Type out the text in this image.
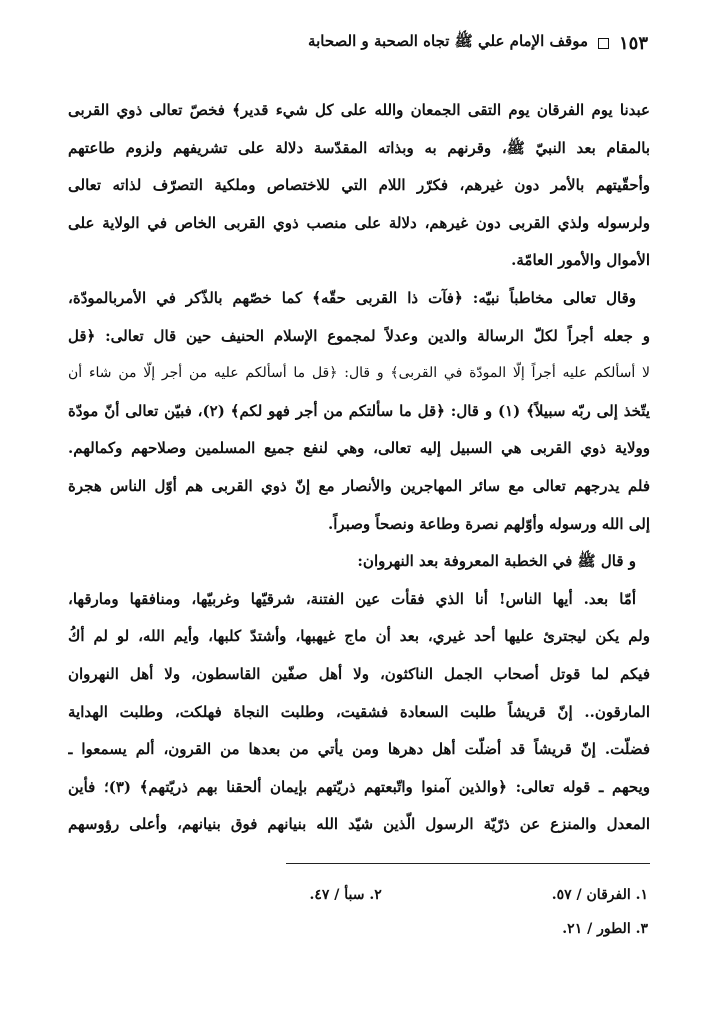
١٥٣
موقف الإمام علي ﷺ تجاه الصحبة و الصحابة
عبدنا يوم الفرقان يوم التقى الجمعان والله على كل شيء قدير﴾ فخصّ تعالى ذوي القربى
بالمقام بعد النبيّ ﷺ، وقرنهم به وبذاته المقدّسة دلالة على تشريفهم ولزوم طاعتهم
وأحقّيتهم بالأمر دون غيرهم، فكرّر اللام التي للاختصاص وملكية التصرّف لذاته تعالى
ولرسوله ولذي القربى دون غيرهم، دلالة على منصب ذوي القربى الخاص في الولاية على
الأموال والأمور العامّة.
وقال تعالى مخاطباً نبيّه: ﴿فآت ذا القربى حقّه﴾ كما خصّهم بالذّكر في الأمربالمودّة،
و جعله أجراً لكلّ الرسالة والدين وعدلاً لمجموع الإسلام الحنيف حين قال تعالى: ﴿قل
لا أسألكم عليه أجراً إلّا المودّة في القربى﴾ و قال: ﴿قل ما أسألكم عليه من أجر إلّا من شاء أن
يتّخذ إلى ربّه سبيلاً﴾ (١) و قال: ﴿قل ما سألتكم من أجر فهو لكم﴾ (٢)، فبيّن تعالى أنّ مودّة
وولاية ذوي القربى هي السبيل إليه تعالى، وهي لنفع جميع المسلمين وصلاحهم وكمالهم.
فلم يدرجهم تعالى مع سائر المهاجرين والأنصار مع إنّ ذوي القربى هم أوّل الناس هجرة
إلى الله ورسوله وأوّلهم نصرة وطاعة ونصحاً وصبراً.
و قال ﷺ في الخطبة المعروفة بعد النهروان:
أمّا بعد. أيها الناس! أنا الذي فقأت عين الفتنة، شرقيّها وغربيّها، ومنافقها ومارقها،
ولم يكن ليجترئ عليها أحد غيري، بعد أن ماج غيهبها، وأشتدّ كلبها، وأيم الله، لو لم أكُ
فيكم لما قوتل أصحاب الجمل الناكثون، ولا أهل صفّين القاسطون، ولا أهل النهروان
المارقون.. إنّ قريشاً طلبت السعادة فشقيت، وطلبت النجاة فهلكت، وطلبت الهداية
فضلّت. إنّ قريشاً قد أضلّت أهل دهرها ومن يأتي من بعدها من القرون، ألم يسمعوا ـ
ويحهم ـ قوله تعالى: ﴿والذين آمنوا واتّبعتهم ذريّتهم بإيمان ألحقنا بهم ذريّتهم﴾ (٣)؛ فأين
المعدل والمنزع عن ذرّيّة الرسول الّذين شيّد الله بنيانهم فوق بنيانهم، وأعلى رؤوسهم
١. الفرقان / ٥٧.
٢. سبأ / ٤٧.
٣. الطور / ٢١.
